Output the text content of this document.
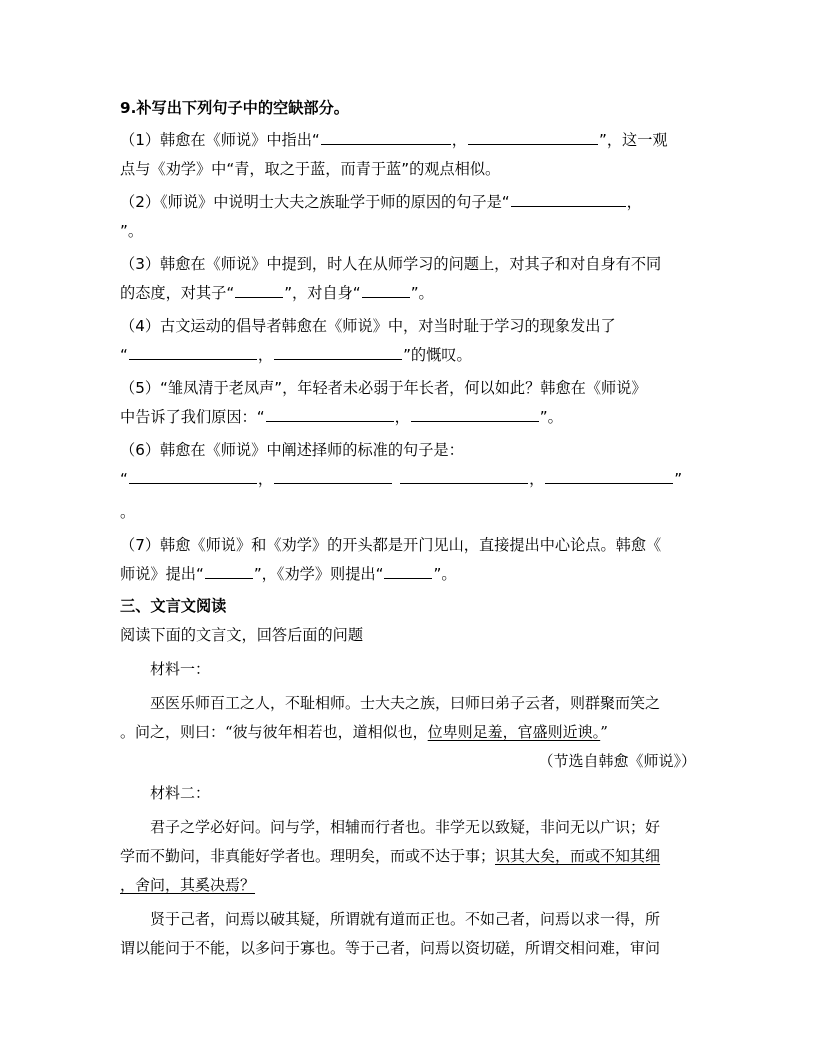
9.补写出下列句子中的空缺部分。
（1）韩愈在《师说》中指出“	，	”，这一观
点与《劝学》中“青，取之于蓝，而青于蓝”的观点相似。
（2）《师说》中说明士大夫之族耻学于师的原因的句子是“	，
”。
（3）韩愈在《师说》中提到，时人在从师学习的问题上，对其子和对自身有不同
的态度，对其子“	”，对自身“	”。
（4）古文运动的倡导者韩愈在《师说》中，对当时耻于学习的现象发出了
“	，	”的慨叹。
（5）“雏凤清于老凤声”，年轻者未必弱于年长者，何以如此？韩愈在《师说》
中告诉了我们原因：“	，	”。
（6）韩愈在《师说》中阐述择师的标准的句子是：
“	，	，	”
。
（7）韩愈《师说》和《劝学》的开头都是开门见山，直接提出中心论点。韩愈《
师说》提出“	”，《劝学》则提出“	”。
三、文言文阅读
阅读下面的文言文，回答后面的问题
材料一：
巫医乐师百工之人，不耻相师。士大夫之族，曰师曰弟子云者，则群聚而笑之
。问之，则曰：“彼与彼年相若也，道相似也，位卑则足羞，官盛则近谀。”
（节选自韩愈《师说》）
材料二：
君子之学必好问。问与学，相辅而行者也。非学无以致疑，非问无以广识；好
学而不勤问，非真能好学者也。理明矣，而或不达于事；识其大矣，而或不知其细
，舍问，其奚决焉？
贤于己者，问焉以破其疑，所谓就有道而正也。不如己者，问焉以求一得，所
谓以能问于不能，以多问于寡也。等于己者，问焉以资切磋，所谓交相问难，审问
